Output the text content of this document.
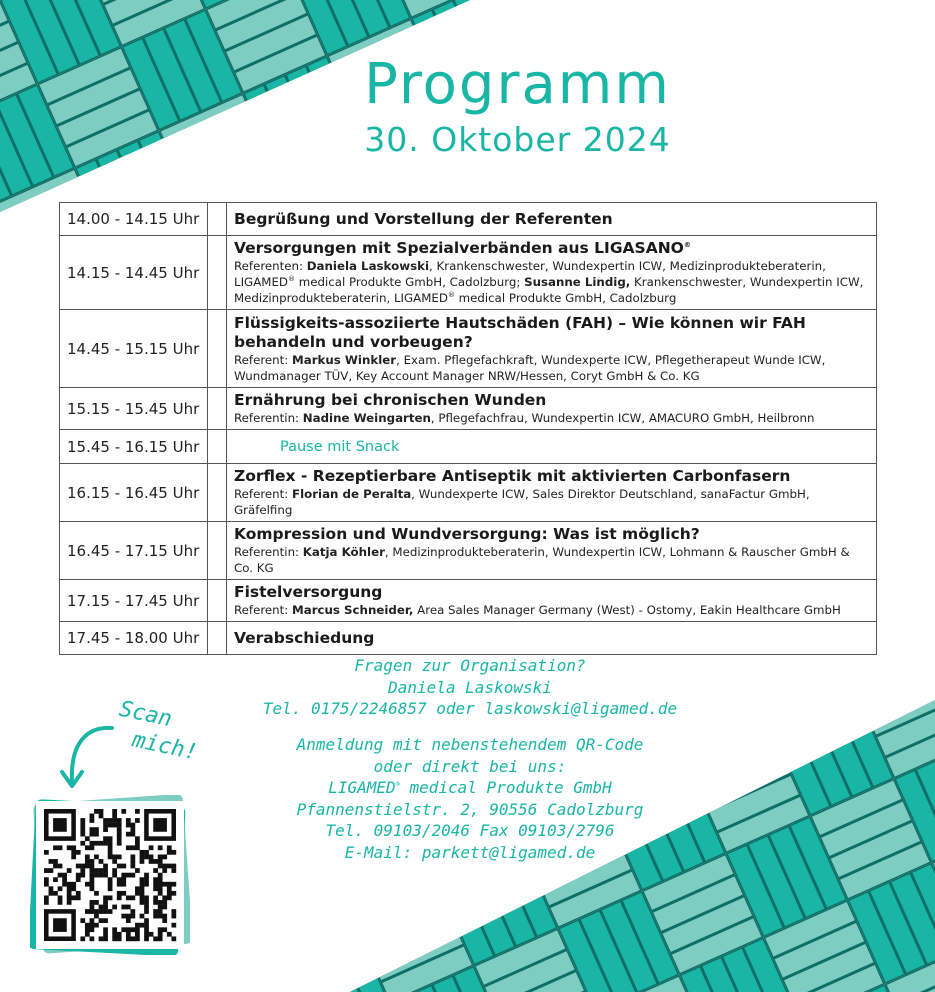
Programm
30. Oktober 2024
14.00 - 14.15 Uhr		Begrüßung und Vorstellung der Referenten

14.15 - 14.45 Uhr		Versorgungen mit Spezialverbänden aus LIGASANO®
Referenten: Daniela Laskowski, Krankenschwester, Wundexpertin ICW, Medizinprodukteberaterin,
LIGAMED® medical Produkte GmbH, Cadolzburg; Susanne Lindig, Krankenschwester, Wundexpertin ICW,
Medizinprodukteberaterin, LIGAMED® medical Produkte GmbH, Cadolzburg

14.45 - 15.15 Uhr		Flüssigkeits-assoziierte Hautschäden (FAH) – Wie können wir FAH behandeln und vorbeugen?
Referent: Markus Winkler, Exam. Pflegefachkraft, Wundexperte ICW, Pflegetherapeut Wunde ICW,
Wundmanager TÜV, Key Account Manager NRW/Hessen, Coryt GmbH & Co. KG

15.15 - 15.45 Uhr		Ernährung bei chronischen Wunden
Referentin: Nadine Weingarten, Pflegefachfrau, Wundexpertin ICW, AMACURO GmbH, Heilbronn

15.45 - 16.15 Uhr		Pause mit Snack

16.15 - 16.45 Uhr		Zorflex - Rezeptierbare Antiseptik mit aktivierten Carbonfasern
Referent: Florian de Peralta, Wundexperte ICW, Sales Direktor Deutschland, sanaFactur GmbH, Gräfelfing

16.45 - 17.15 Uhr		Kompression und Wundversorgung: Was ist möglich?
Referentin: Katja Köhler, Medizinprodukteberaterin, Wundexpertin ICW, Lohmann & Rauscher GmbH & Co. KG

17.15 - 17.45 Uhr		Fistelversorgung
Referent: Marcus Schneider, Area Sales Manager Germany (West) - Ostomy, Eakin Healthcare GmbH

17.45 - 18.00 Uhr		Verabschiedung
Fragen zur Organisation?
Daniela Laskowski
Tel. 0175/2246857 oder laskowski@ligamed.de
Anmeldung mit nebenstehendem QR-Code
oder direkt bei uns:
LIGAMED® medical Produkte GmbH
Pfannenstielstr. 2, 90556 Cadolzburg
Tel. 09103/2046 Fax 09103/2796
E-Mail: parkett@ligamed.de
Scan
mich!
